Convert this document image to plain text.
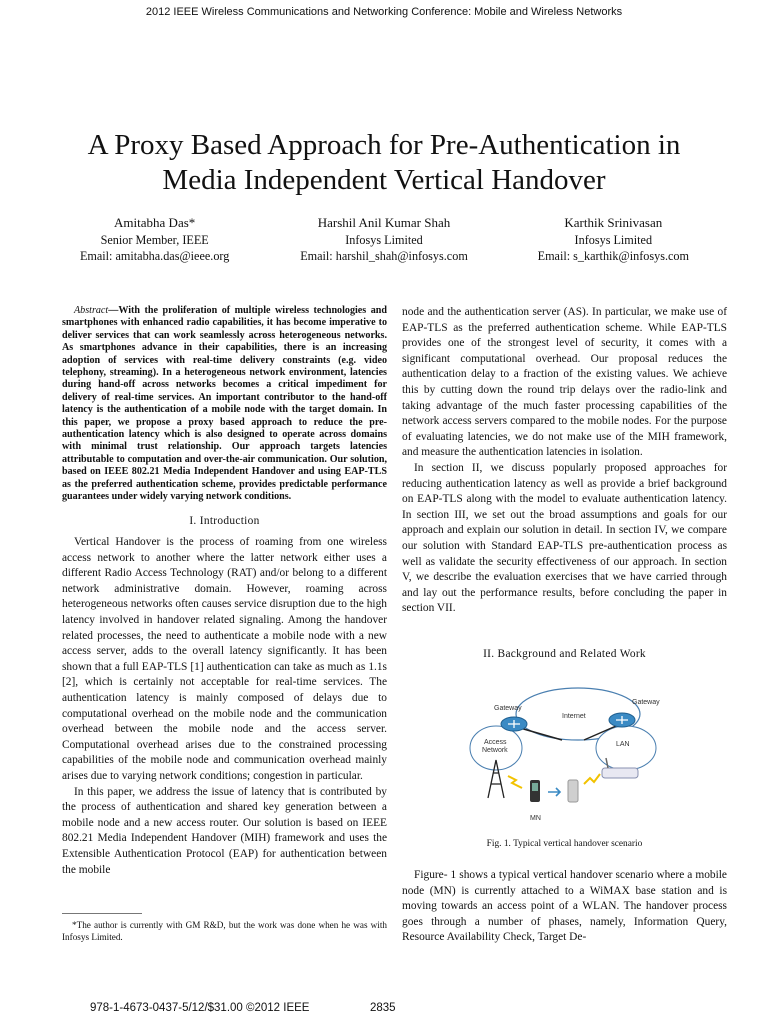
2012 IEEE Wireless Communications and Networking Conference: Mobile and Wireless Networks
A Proxy Based Approach for Pre-Authentication in
Media Independent Vertical Handover
Amitabha Das*
Senior Member, IEEE
Email: amitabha.das@ieee.org
Harshil Anil Kumar Shah
Infosys Limited
Email: harshil_shah@infosys.com
Karthik Srinivasan
Infosys Limited
Email: s_karthik@infosys.com

Abstract—With the proliferation of multiple wireless technologies and smartphones with enhanced radio capabilities, it has become imperative to deliver services that can work seamlessly across heterogeneous networks. As smartphones advance in their capabilities, there is an increasing adoption of services with real-time delivery constraints (e.g. video telephony, streaming). In a heterogeneous network environment, latencies during hand-off across networks becomes a critical impediment for delivery of real-time services. An important contributor to the hand-off latency is the authentication of a mobile node with the target domain. In this paper, we propose a proxy based approach to reduce the pre-authentication latency which is also designed to operate across domains with minimal trust relationship. Our approach targets latencies attributable to computation and over-the-air communication. Our solution, based on IEEE 802.21 Media Independent Handover and using EAP-TLS as the preferred authentication scheme, provides predictable performance guarantees under widely varying network conditions.

I. Introduction

Vertical Handover is the process of roaming from one wireless access network to another where the latter network either uses a different Radio Access Technology (RAT) and/or belong to a different network administrative domain. However, roaming across heterogeneous networks often causes service disruption due to the high latency involved in handover related signaling. Among the handover related processes, the need to authenticate a mobile node with a new access server, adds to the overall latency significantly. It has been shown that a full EAP-TLS [1] authentication can take as much as 1.1s [2], which is certainly not acceptable for real-time services. The authentication latency is mainly composed of delays due to computational overhead on the mobile node and the communication overhead between the mobile node and the access server. Computational overhead arises due to the constrained processing capabilities of the mobile node and communication overhead mainly arises due to varying network conditions; congestion in particular.

In this paper, we address the issue of latency that is contributed by the process of authentication and shared key generation between a mobile node and a new access router. Our solution is based on IEEE 802.21 Media Independent Handover (MIH) framework and uses the Extensible Authentication Protocol (EAP) for authentication between the mobile

node and the authentication server (AS). In particular, we make use of EAP-TLS as the preferred authentication scheme. While EAP-TLS provides one of the strongest level of security, it comes with a significant computational overhead. Our proposal reduces the authentication delay to a fraction of the existing values. We achieve this by cutting down the round trip delays over the radio-link and taking advantage of the much faster processing capabilities of the network access servers compared to the mobile nodes. For the purpose of evaluating latencies, we do not make use of the MIH framework, and measure the authentication latencies in isolation.

In section II, we discuss popularly proposed approaches for reducing authentication latency as well as provide a brief background on EAP-TLS along with the model to evaluate authentication latency. In section III, we set out the broad assumptions and goals for our approach and explain our solution in detail. In section IV, we compare our solution with Standard EAP-TLS pre-authentication process as well as validate the security effectiveness of our approach. In section V, we describe the evaluation exercises that we have carried through and lay out the performance results, before concluding the paper in section VII.

II. Background and Related Work

Gateway
Gateway
Internet
Access
Network
LAN
MN
Fig. 1. Typical vertical handover scenario

Figure- 1 shows a typical vertical handover scenario where a mobile node (MN) is currently attached to a WiMAX base station and is moving towards an access point of a WLAN. The handover process goes through a number of phases, namely, Information Query, Resource Availability Check, Target De-

*The author is currently with GM R&D, but the work was done when he was with Infosys Limited.
978-1-4673-0437-5/12/$31.00 ©2012 IEEE	2835
